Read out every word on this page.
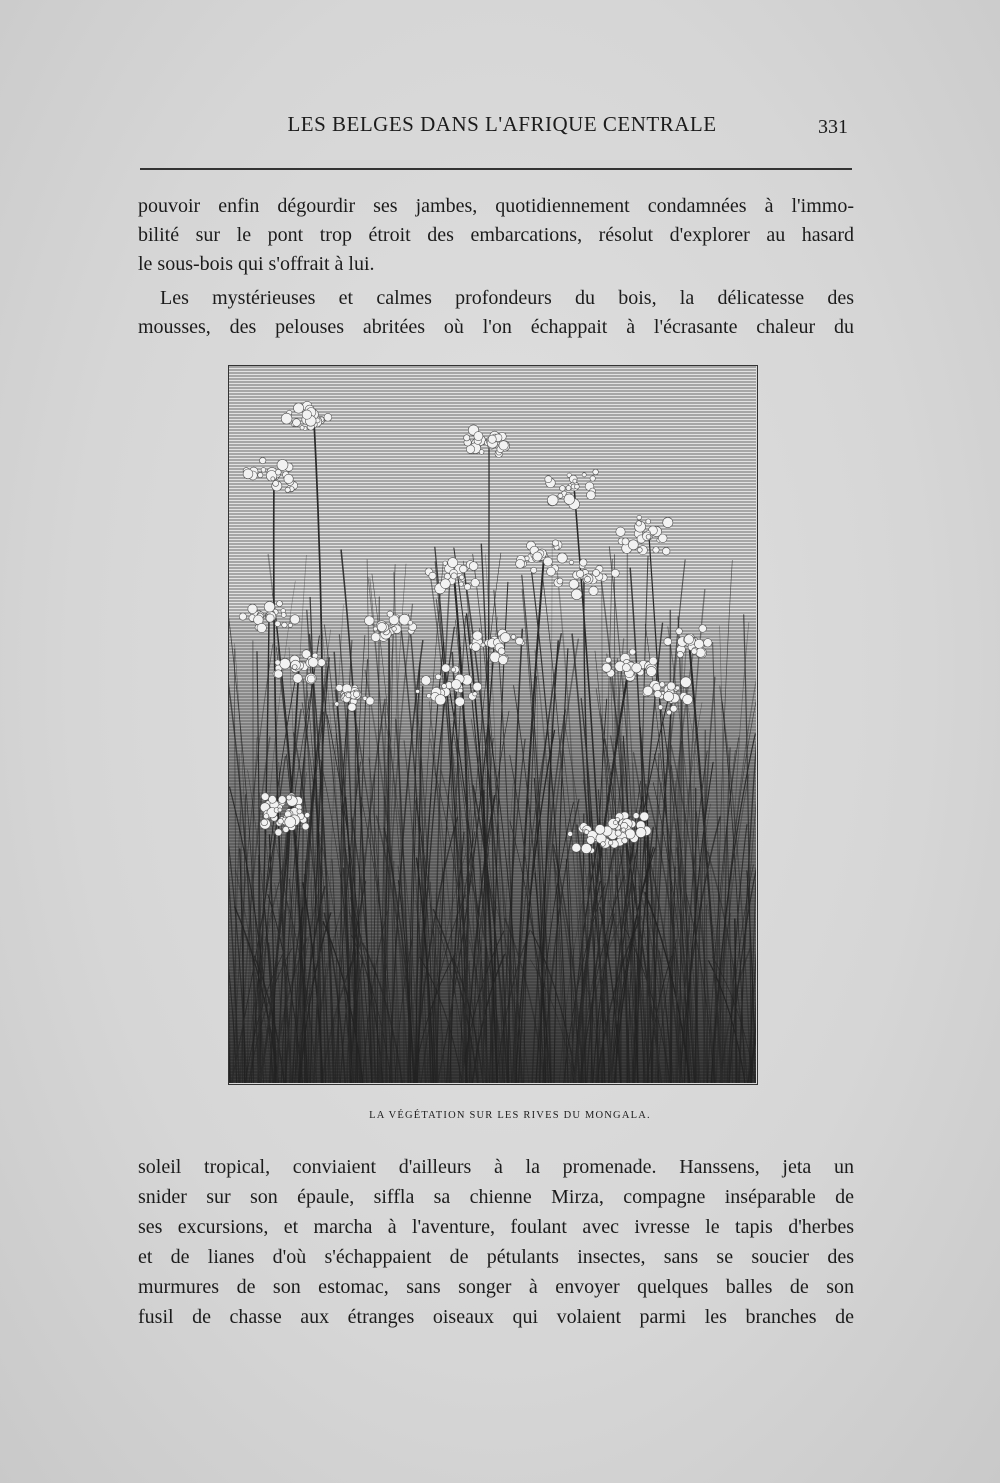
LES BELGES DANS L'AFRIQUE CENTRALE	331

pouvoir enfin dégourdir ses jambes, quotidiennement condamnées à l'immo-
bilité sur le pont trop étroit des embarcations, résolut d'explorer au hasard
le sous-bois qui s'offrait à lui.

Les mystérieuses et calmes profondeurs du bois, la délicatesse des
mousses, des pelouses abritées où l'on échappait à l'écrasante chaleur du

LA VÉGÉTATION SUR LES RIVES DU MONGALA.

soleil tropical, conviaient d'ailleurs à la promenade. Hanssens, jeta un
snider sur son épaule, siffla sa chienne Mirza, compagne inséparable de
ses excursions, et marcha à l'aventure, foulant avec ivresse le tapis d'herbes
et de lianes d'où s'échappaient de pétulants insectes, sans se soucier des
murmures de son estomac, sans songer à envoyer quelques balles de son
fusil de chasse aux étranges oiseaux qui volaient parmi les branches de
